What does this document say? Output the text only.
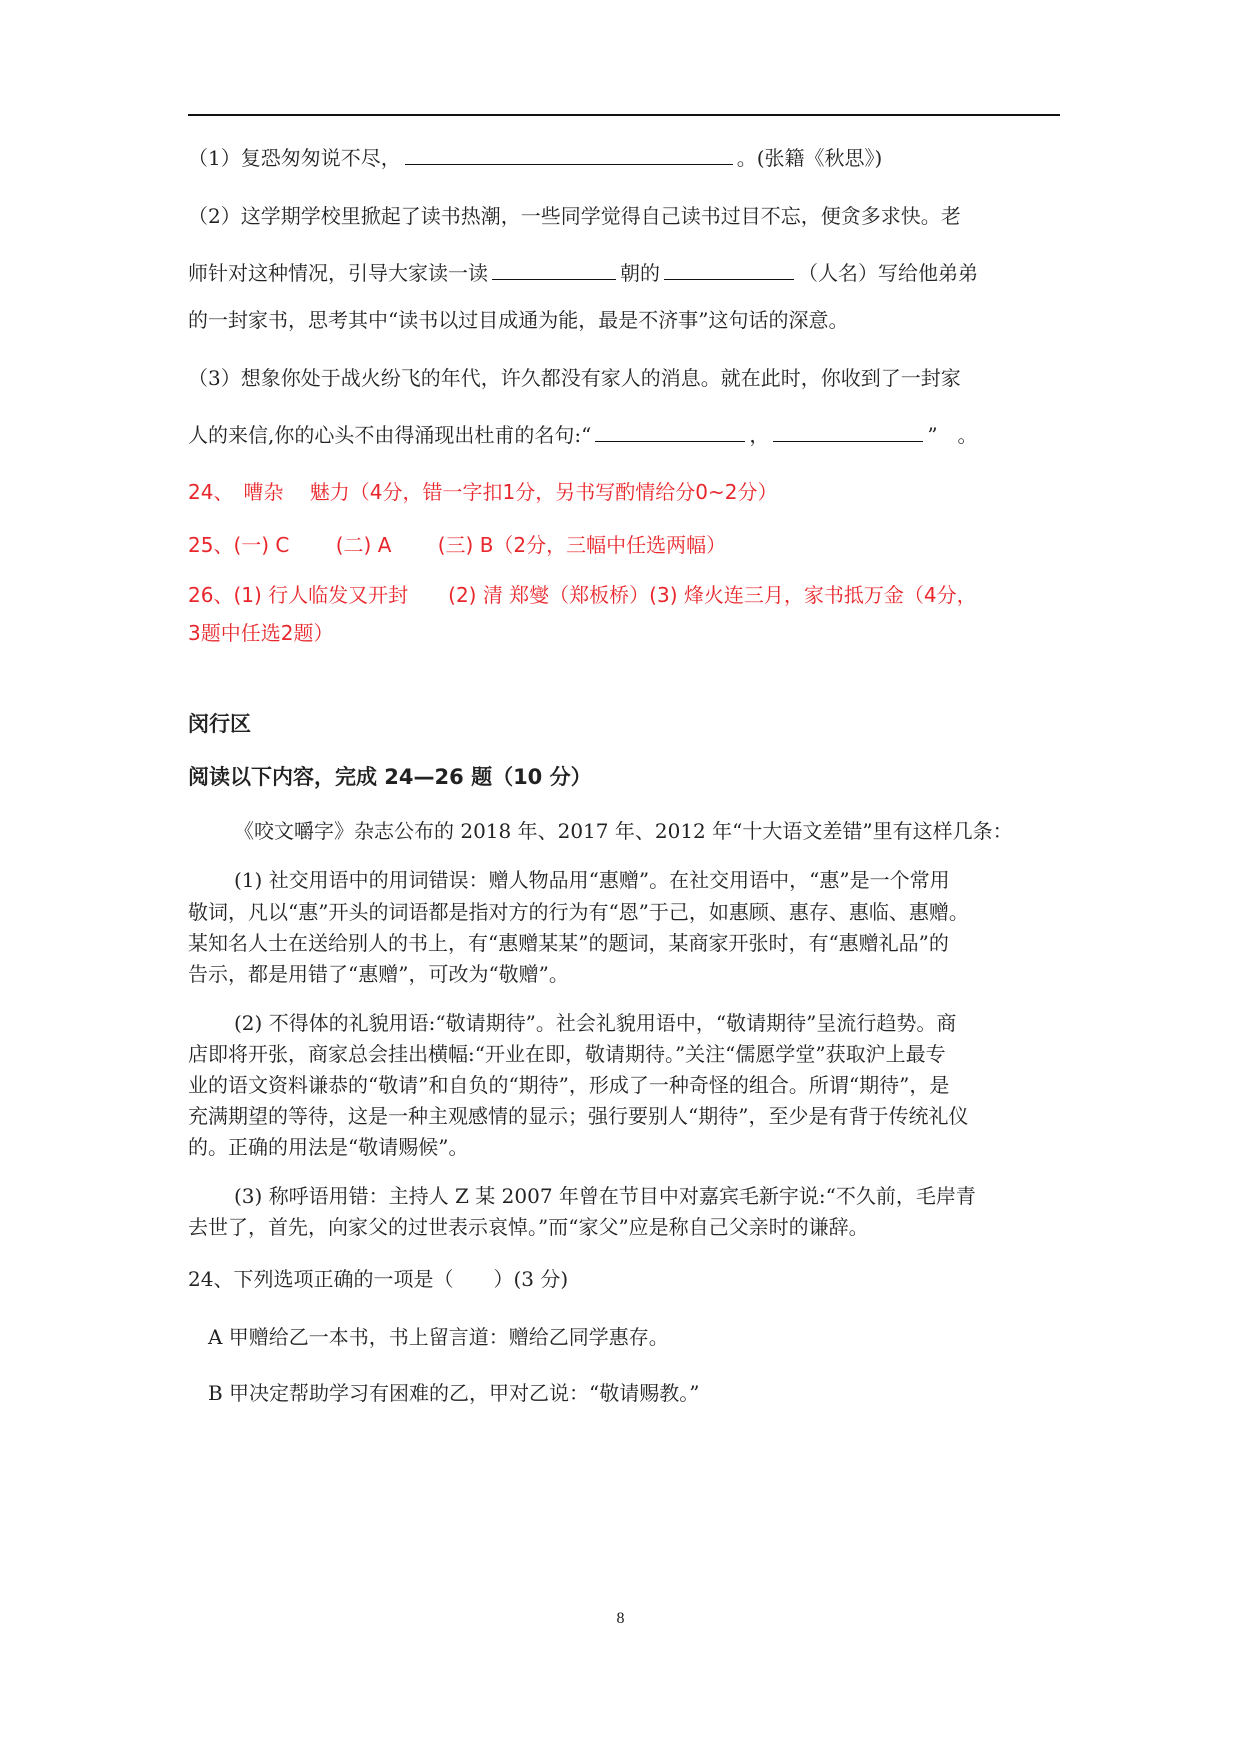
（1）复恐匆匆说不尽，	。(张籍《秋思》)
（2）这学期学校里掀起了读书热潮，一些同学觉得自己读书过目不忘，便贪多求快。老
师针对这种情况，引导大家读一读	朝的	（人名）写给他弟弟
的一封家书，思考其中“读书以过目成通为能，最是不济事”这句话的深意。
（3）想象你处于战火纷飞的年代，许久都没有家人的消息。就在此时，你收到了一封家
人的来信,你的心头不由得涌现出杜甫的名句:“	，	”　。
24、　嘈杂　 魅力（4分，错一字扣1分，另书写酌情给分0~2分）
25、(一) C　　 (二) A　　 (三) B（2分，三幅中任选两幅）
26、(1) 行人临发又开封　　(2) 清 郑燮（郑板桥）(3) 烽火连三月，家书抵万金（4分，
3题中任选2题）
闵行区
阅读以下内容，完成 24—26 题（10 分）
《咬文嚼字》杂志公布的 2018 年、2017 年、2012 年“十大语文差错”里有这样几条：
(1) 社交用语中的用词错误：赠人物品用“惠赠”。在社交用语中，“惠”是一个常用
敬词，凡以“惠”开头的词语都是指对方的行为有“恩”于己，如惠顾、惠存、惠临、惠赠。
某知名人士在送给别人的书上，有“惠赠某某”的题词，某商家开张时，有“惠赠礼品”的
告示，都是用错了“惠赠”，可改为“敬赠”。
(2) 不得体的礼貌用语:“敬请期待”。社会礼貌用语中，“敬请期待”呈流行趋势。商
店即将开张，商家总会挂出横幅:“开业在即，敬请期待。”关注“儒愿学堂”获取沪上最专
业的语文资料谦恭的“敬请”和自负的“期待”，形成了一种奇怪的组合。所谓“期待”，是
充满期望的等待，这是一种主观感情的显示；强行要别人“期待”，至少是有背于传统礼仪
的。正确的用法是“敬请赐候”。
(3) 称呼语用错：主持人 Z 某 2007 年曾在节目中对嘉宾毛新宇说:“不久前，毛岸青
去世了，首先，向家父的过世表示哀悼。”而“家父”应是称自己父亲时的谦辞。
24、下列选项正确的一项是（　　）(3 分)
A 甲赠给乙一本书，书上留言道：赠给乙同学惠存。
B 甲决定帮助学习有困难的乙，甲对乙说：“敬请赐教。”
8
